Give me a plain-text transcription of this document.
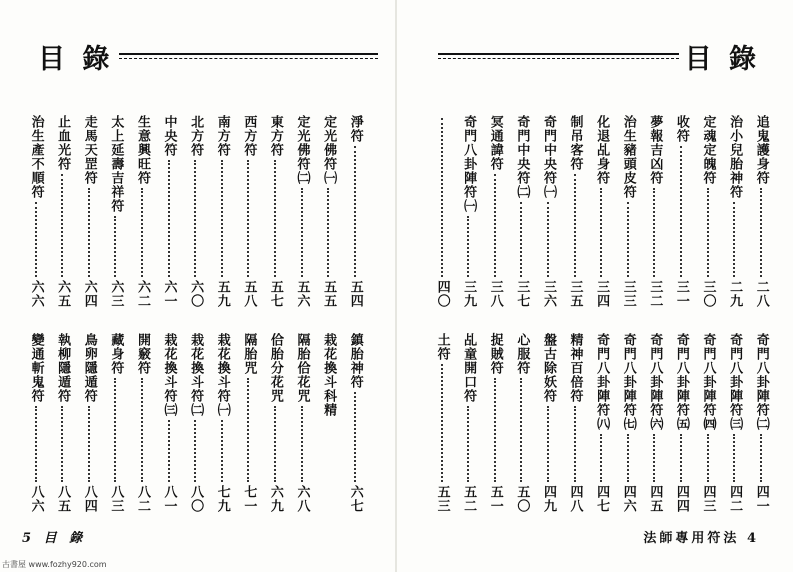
目 錄	目 錄
淨符
五四
定光佛符㈠
五五
定光佛符㈡
五六
東方符
五七
西方符
五八
南方符
五九
北方符
六〇
中央符
六一
生意興旺符
六二
太上延壽吉祥符
六三
走馬天罡符
六四
止血光符
六五
治生產不順符
六六
鎮胎神符
六七
栽花換斗科精
隔胎佮花咒
六八
佮胎分花咒
六九
隔胎咒
七一
栽花換斗符㈠
七九
栽花換斗符㈡
八〇
栽花換斗符㈢
八一
開竅符
八二
藏身符
八三
鳥卵隱遁符
八四
執柳隱遁符
八五
變通斬鬼符
八六
追鬼護身符
二八
治小兒胎神符
二九
定魂定魄符
三〇
收符
三一
夢報吉凶符
三二
治生豬頭皮符
三三
化退乩身符
三四
制吊客符
三五
奇門中央符㈠
三六
奇門中央符㈡
三七
冥通諱符
三八
奇門八卦陣符㈠
三九
四〇
奇門八卦陣符㈡
四一
奇門八卦陣符㈢
四二
奇門八卦陣符㈣
四三
奇門八卦陣符㈤
四四
奇門八卦陣符㈥
四五
奇門八卦陣符㈦
四六
奇門八卦陣符㈧
四七
精神百倍符
四八
盤古除妖符
四九
心服符
五〇
捉賊符
五一
乩童開口符
五二
土符
五三
5 目 錄	法師專用符法 4
古書屋 www.fozhy920.com
